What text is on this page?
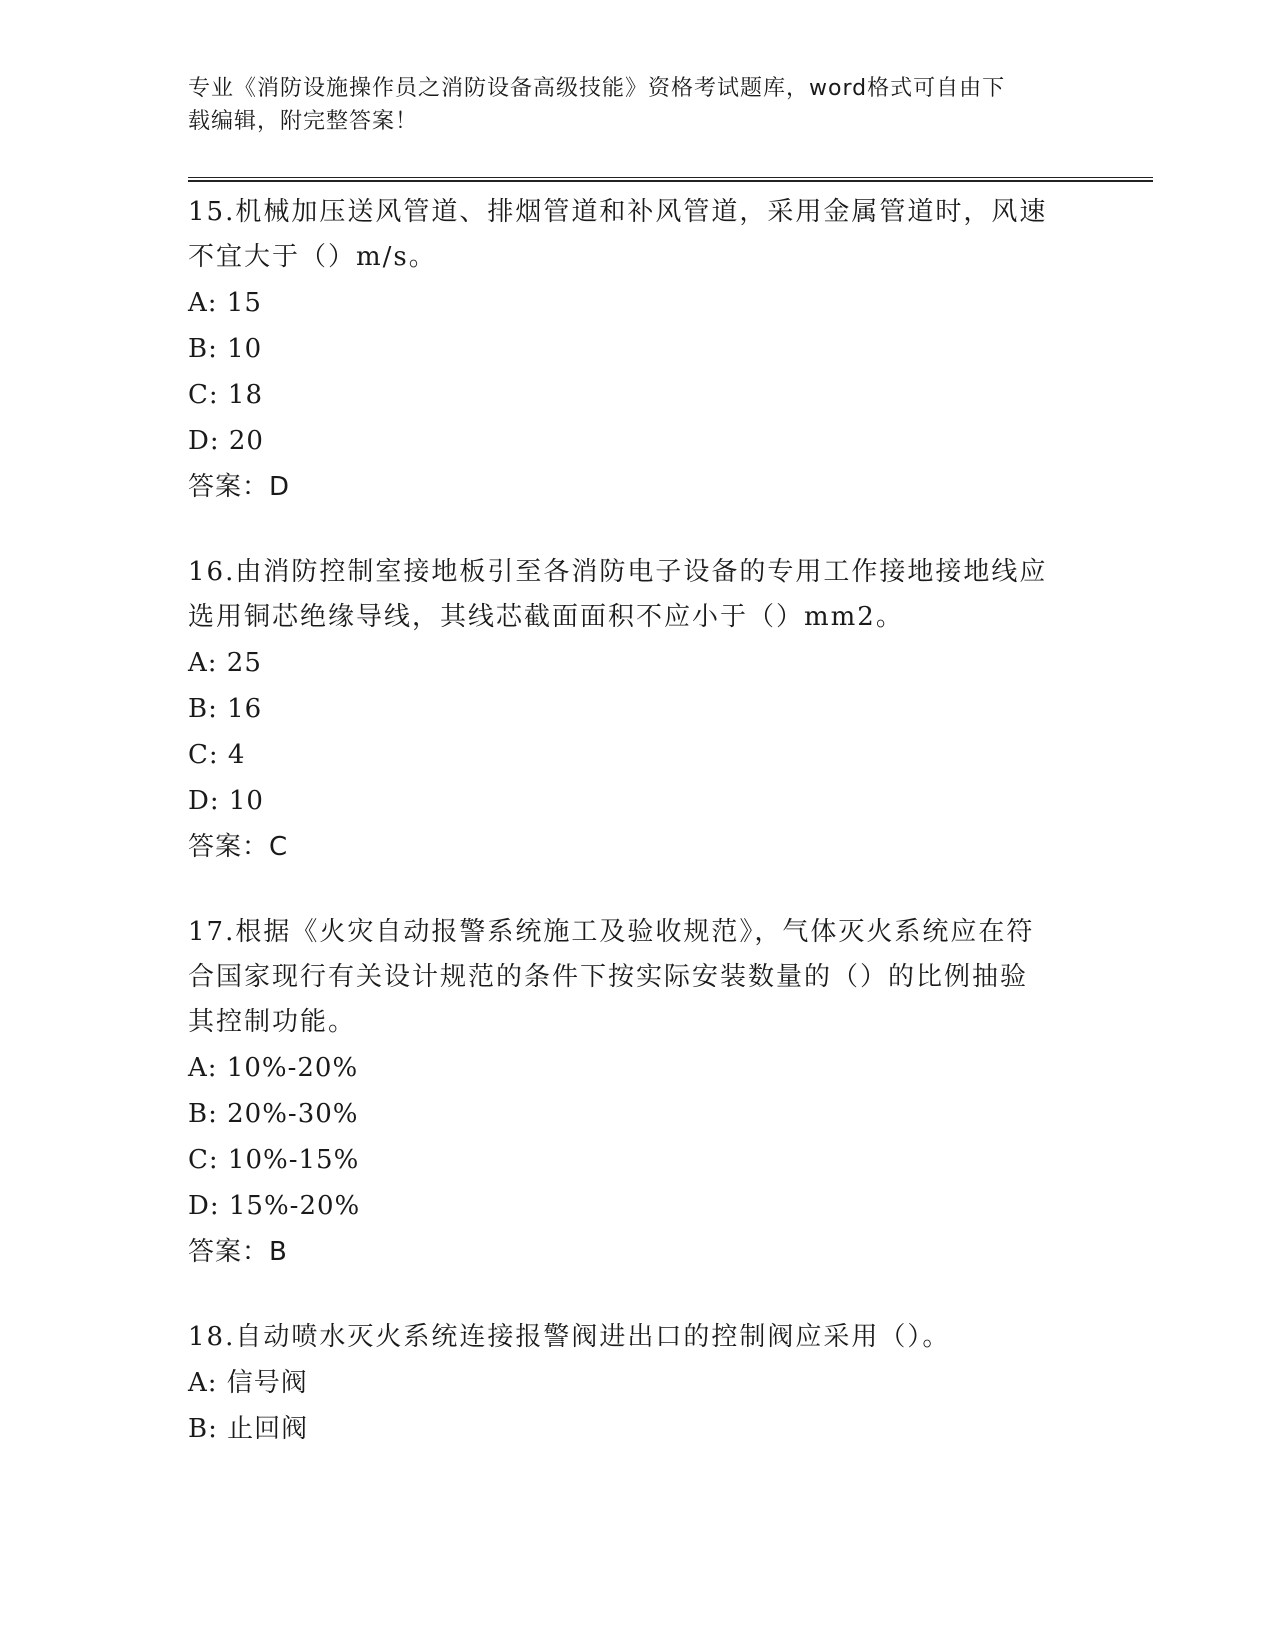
专业《消防设施操作员之消防设备高级技能》资格考试题库，word格式可自由下
载编辑，附完整答案！
15.机械加压送风管道、排烟管道和补风管道，采用金属管道时，风速
不宜大于（）m/s。
A: 15
B: 10
C: 18
D: 20
答案：D
16.由消防控制室接地板引至各消防电子设备的专用工作接地接地线应
选用铜芯绝缘导线，其线芯截面面积不应小于（）mm2。
A: 25
B: 16
C: 4
D: 10
答案：C
17.根据《火灾自动报警系统施工及验收规范》，气体灭火系统应在符
合国家现行有关设计规范的条件下按实际安装数量的（）的比例抽验
其控制功能。
A: 10%-20%
B: 20%-30%
C: 10%-15%
D: 15%-20%
答案：B
18.自动喷水灭火系统连接报警阀进出口的控制阀应采用（）。
A: 信号阀
B: 止回阀
